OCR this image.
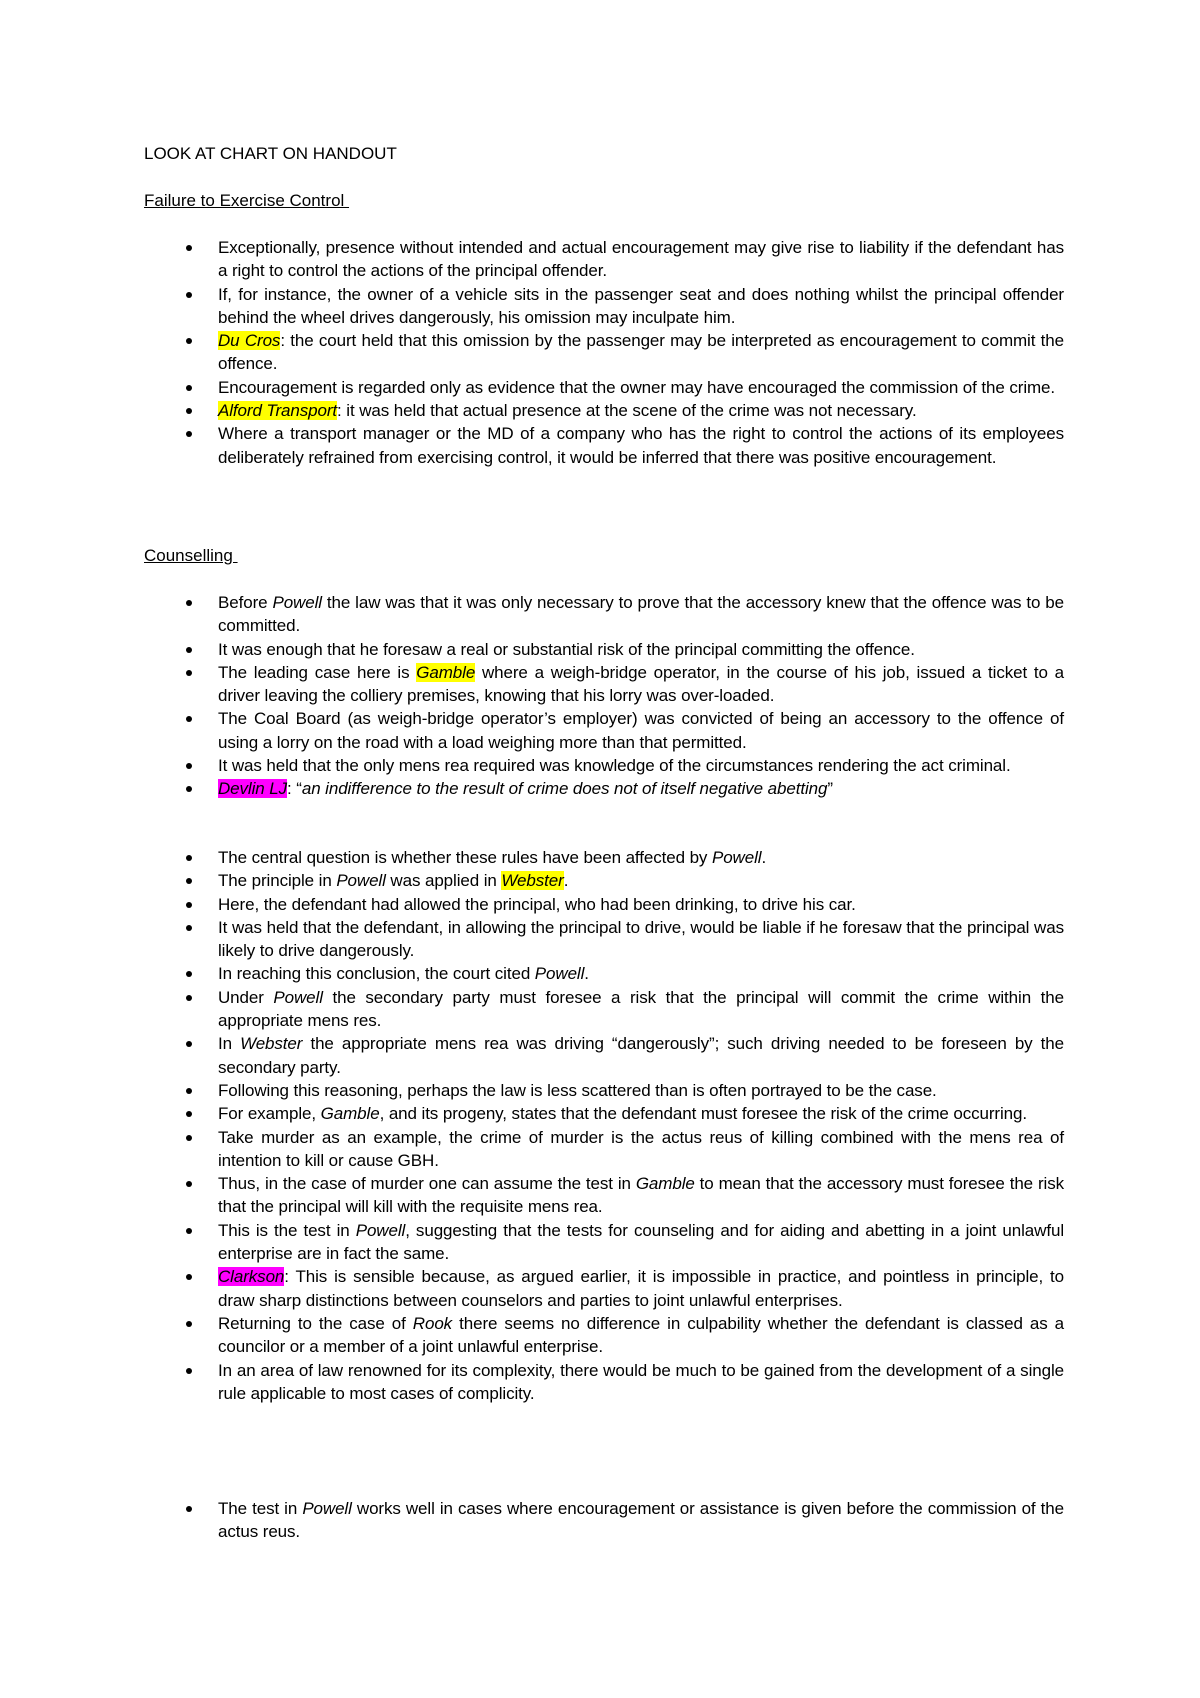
LOOK AT CHART ON HANDOUT
Failure to Exercise Control
Exceptionally, presence without intended and actual encouragement may give rise to liability if the defendant has a right to control the actions of the principal offender.
If, for instance, the owner of a vehicle sits in the passenger seat and does nothing whilst the principal offender behind the wheel drives dangerously, his omission may inculpate him.
Du Cros: the court held that this omission by the passenger may be interpreted as encouragement to commit the offence.
Encouragement is regarded only as evidence that the owner may have encouraged the commission of the crime.
Alford Transport: it was held that actual presence at the scene of the crime was not necessary.
Where a transport manager or the MD of a company who has the right to control the actions of its employees deliberately refrained from exercising control, it would be inferred that there was positive encouragement.
Counselling
Before Powell the law was that it was only necessary to prove that the accessory knew that the offence was to be committed.
It was enough that he foresaw a real or substantial risk of the principal committing the offence.
The leading case here is Gamble where a weigh-bridge operator, in the course of his job, issued a ticket to a driver leaving the colliery premises, knowing that his lorry was over-loaded.
The Coal Board (as weigh-bridge operator’s employer) was convicted of being an accessory to the offence of using a lorry on the road with a load weighing more than that permitted.
It was held that the only mens rea required was knowledge of the circumstances rendering the act criminal.
Devlin LJ: “an indifference to the result of crime does not of itself negative abetting”
The central question is whether these rules have been affected by Powell.
The principle in Powell was applied in Webster.
Here, the defendant had allowed the principal, who had been drinking, to drive his car.
It was held that the defendant, in allowing the principal to drive, would be liable if he foresaw that the principal was likely to drive dangerously.
In reaching this conclusion, the court cited Powell.
Under Powell the secondary party must foresee a risk that the principal will commit the crime within the appropriate mens res.
In Webster the appropriate mens rea was driving “dangerously”; such driving needed to be foreseen by the secondary party.
Following this reasoning, perhaps the law is less scattered than is often portrayed to be the case.
For example, Gamble, and its progeny, states that the defendant must foresee the risk of the crime occurring.
Take murder as an example, the crime of murder is the actus reus of killing combined with the mens rea of intention to kill or cause GBH.
Thus, in the case of murder one can assume the test in Gamble to mean that the accessory must foresee the risk that the principal will kill with the requisite mens rea.
This is the test in Powell, suggesting that the tests for counseling and for aiding and abetting in a joint unlawful enterprise are in fact the same.
Clarkson: This is sensible because, as argued earlier, it is impossible in practice, and pointless in principle, to draw sharp distinctions between counselors and parties to joint unlawful enterprises.
Returning to the case of Rook there seems no difference in culpability whether the defendant is classed as a councilor or a member of a joint unlawful enterprise.
In an area of law renowned for its complexity, there would be much to be gained from the development of a single rule applicable to most cases of complicity.
The test in Powell works well in cases where encouragement or assistance is given before the commission of the actus reus.
